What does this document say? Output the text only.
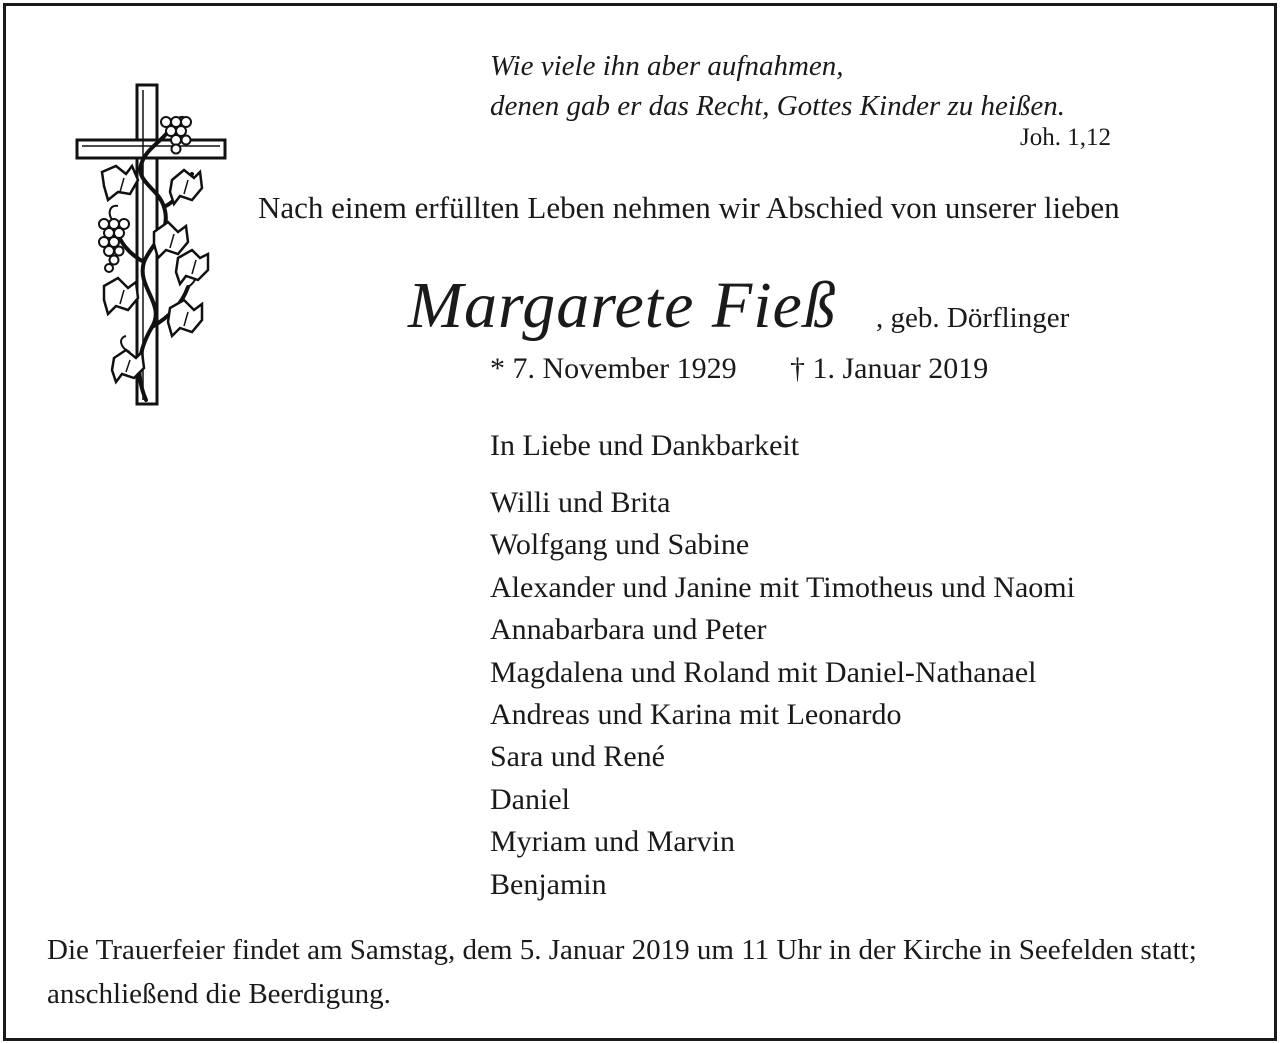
Wie viele ihn aber aufnahmen,

denen gab er das Recht, Gottes Kinder zu heißen.

Joh. 1,12

Nach einem erfüllten Leben nehmen wir Abschied von unserer lieben

Margarete Fieß , geb. Dörflinger

* 7. November 1929 † 1. Januar 2019

In Liebe und Dankbarkeit

Willi und Brita
Wolfgang und Sabine
Alexander und Janine mit Timotheus und Naomi
Annabarbara und Peter
Magdalena und Roland mit Daniel-Nathanael
Andreas und Karina mit Leonardo
Sara und René
Daniel
Myriam und Marvin
Benjamin

Die Trauerfeier findet am Samstag, dem 5. Januar 2019 um 11 Uhr in der Kirche in Seefelden statt; anschließend die Beerdigung.
